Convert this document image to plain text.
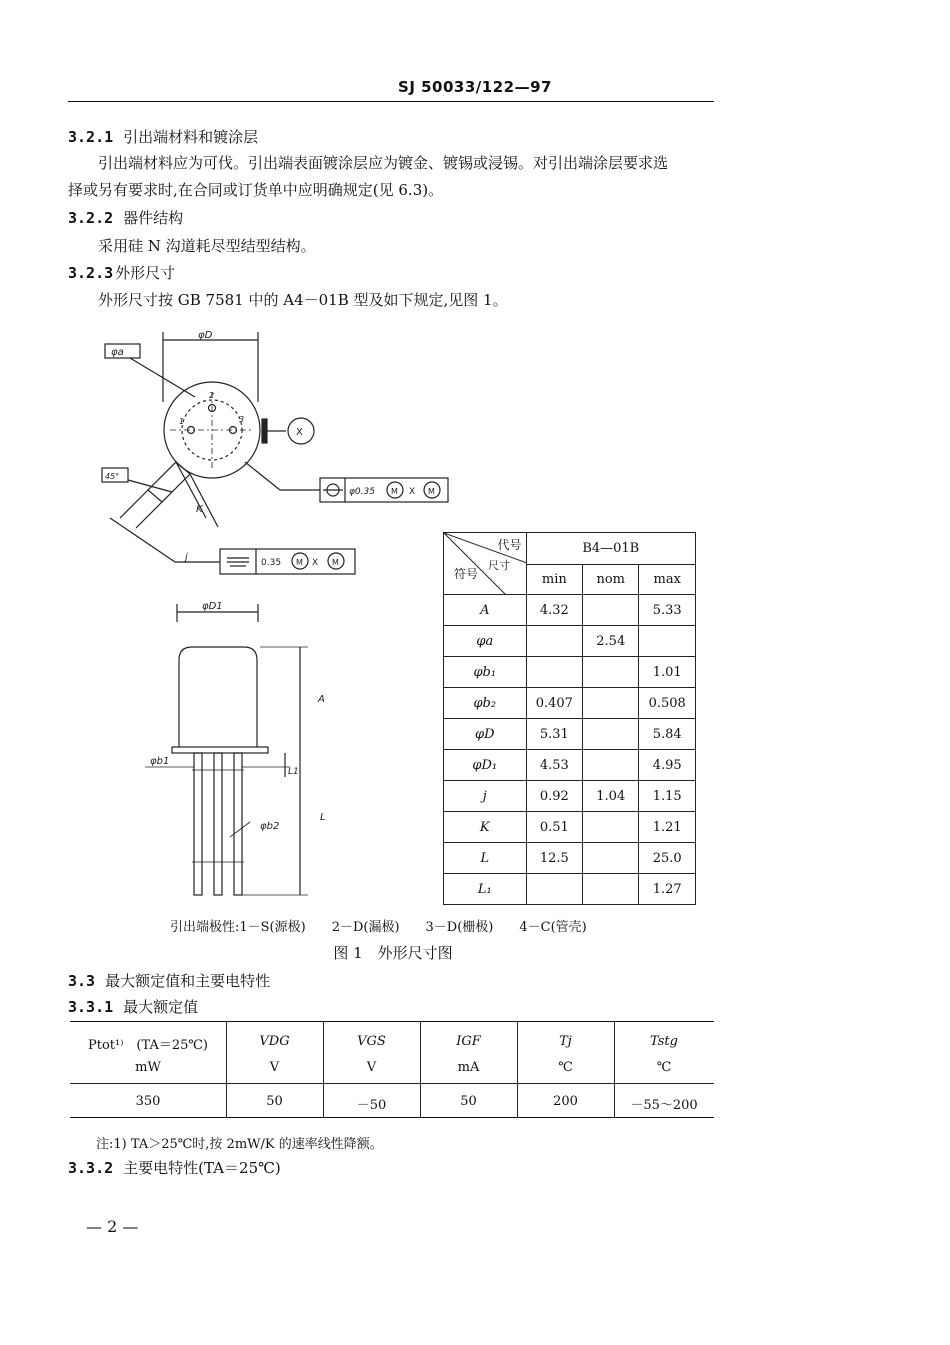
SJ 50033/122—97
3.2.1 引出端材料和镀涂层
引出端材料应为可伐。引出端表面镀涂层应为镀金、镀锡或浸锡。对引出端涂层要求选
择或另有要求时,在合同或订货单中应明确规定(见 6.3)。
3.2.2 器件结构
采用硅 N 沟道耗尽型结型结构。
3.2.3 外形尺寸
外形尺寸按 GB 7581 中的 A4－01B 型及如下规定,见图 1。
φD
φa
1
2
3
X
45°
K
j
φ0.35 M X M
0.35 M X M
φD1
A
φb1
φb2
L1
L
代号
尺寸
符号	B4—01B		
	min	nom	max
A	4.32		5.33
φa		2.54	
φb₁			1.01
φb₂	0.407		0.508
φD	5.31		5.84
φD₁	4.53		4.95
j	0.92	1.04	1.15
K	0.51		1.21
L	12.5		25.0
L₁			1.27
引出端极性:1－S(源极)　　2－D(漏极)　　3－D(栅极)　　4－C(管壳)
图 1　外形尺寸图
3.3 最大额定值和主要电特性
3.3.1 最大额定值
Ptot¹⁾　(TA＝25℃)	VDG	VGS	IGF	Tj	Tstg
mW	V	V	mA	℃	℃
350	50	－50	50	200	－55～200
注:1) TA＞25℃时,按 2mW/K 的速率线性降额。
3.3.2 主要电特性(TA＝25℃)
— 2 —
